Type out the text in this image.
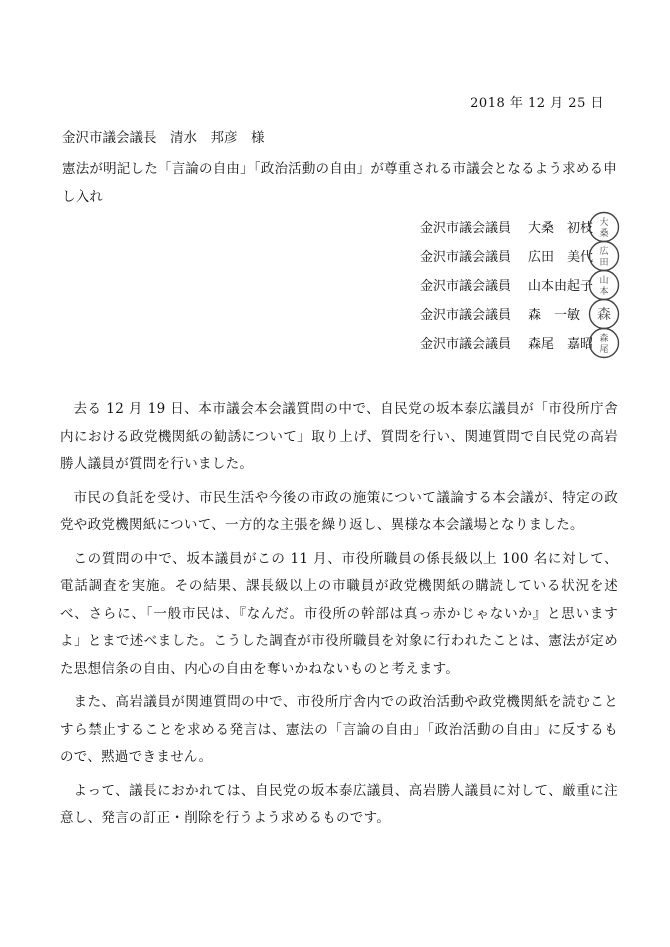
2018 年 12 月 25 日
金沢市議会議長　清水　邦彦　様
憲法が明記した「言論の自由」「政治活動の自由」が尊重される市議会となるよう求める申し入れ
金沢市議会議員 大桑　初枝 大
桑
金沢市議会議員 広田　美代 広
田
金沢市議会議員 山本由起子 山
本
金沢市議会議員 森　一敏 森
金沢市議会議員 森尾　嘉昭 森
尾

去る 12 月 19 日、本市議会本会議質問の中で、自民党の坂本泰広議員が「市役所庁舎内における政党機関紙の勧誘について」取り上げ、質問を行い、関連質問で自民党の高岩勝人議員が質問を行いました。

市民の負託を受け、市民生活や今後の市政の施策について議論する本会議が、特定の政党や政党機関紙について、一方的な主張を繰り返し、異様な本会議場となりました。

この質問の中で、坂本議員がこの 11 月、市役所職員の係長級以上 100 名に対して、電話調査を実施。その結果、課長級以上の市職員が政党機関紙の購読している状況を述べ、さらに、「一般市民は、『なんだ。市役所の幹部は真っ赤かじゃないか』と思いますよ」とまで述べました。こうした調査が市役所職員を対象に行われたことは、憲法が定めた思想信条の自由、内心の自由を奪いかねないものと考えます。

また、高岩議員が関連質問の中で、市役所庁舎内での政治活動や政党機関紙を読むことすら禁止することを求める発言は、憲法の「言論の自由」「政治活動の自由」に反するもので、黙過できません。

よって、議長におかれては、自民党の坂本泰広議員、高岩勝人議員に対して、厳重に注意し、発言の訂正・削除を行うよう求めるものです。
